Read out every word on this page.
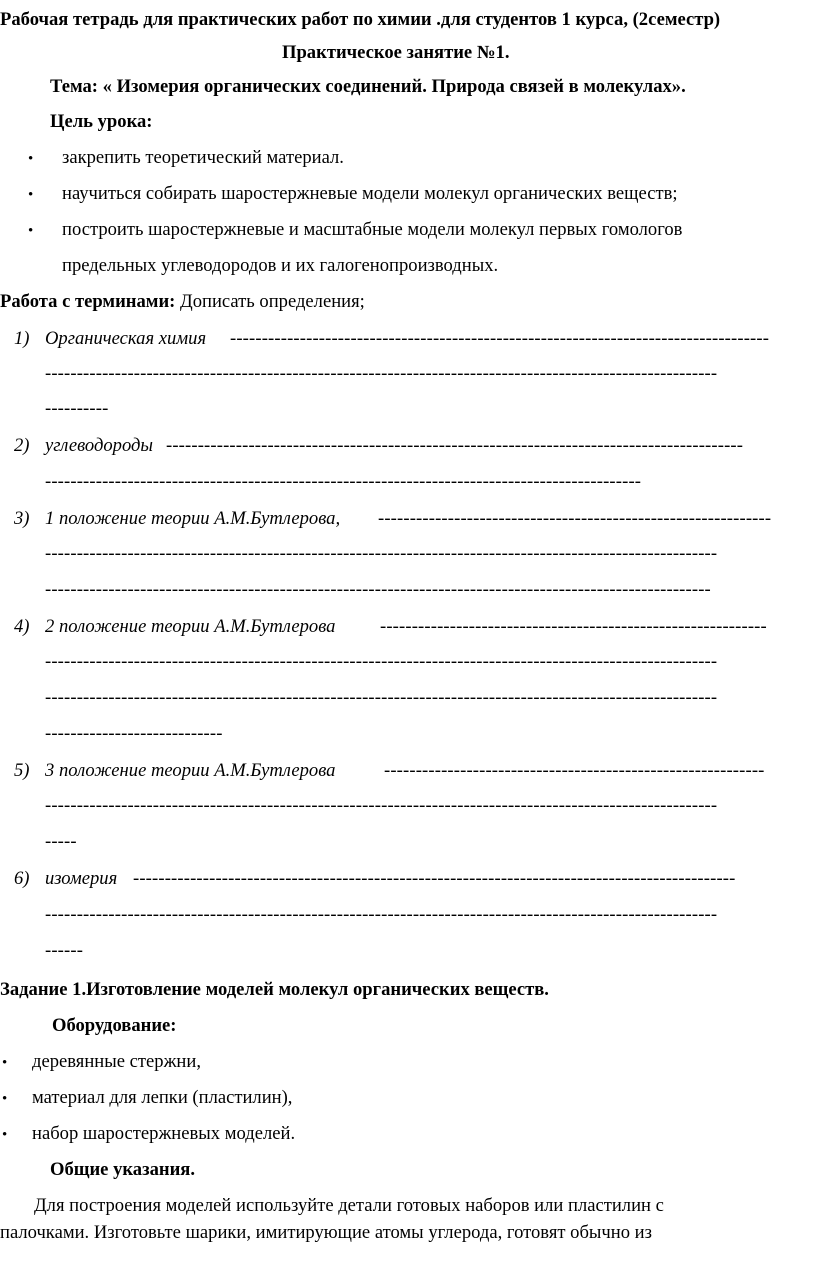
Рабочая тетрадь для практических работ по химии .для студентов 1 курса, (2семестр)
Практическое занятие №1.
Тема: « Изомерия органических соединений. Природа связей в молекулах».
Цель урока:
• закрепить теоретический материал.
• научиться собирать шаростержневые модели молекул органических веществ;
• построить шаростержневые и масштабные модели молекул первых гомологов
предельных углеводородов и их галогенопроизводных.
Работа с терминами: Дописать определения;
1) Органическая химия -------------------------------------------------------------------------------------
----------------------------------------------------------------------------------------------------------
----------
2) углеводороды -------------------------------------------------------------------------------------------
----------------------------------------------------------------------------------------------
3) 1 положение теории А.М.Бутлерова, --------------------------------------------------------------
----------------------------------------------------------------------------------------------------------
---------------------------------------------------------------------------------------------------------
4) 2 положение теории А.М.Бутлерова -------------------------------------------------------------
----------------------------------------------------------------------------------------------------------
----------------------------------------------------------------------------------------------------------
----------------------------
5) 3 положение теории А.М.Бутлерова	------------------------------------------------------------
----------------------------------------------------------------------------------------------------------
-----
6) изомерия -----------------------------------------------------------------------------------------------
----------------------------------------------------------------------------------------------------------
------
Задание 1.Изготовление моделей молекул органических веществ.
Оборудование:
• деревянные стержни,
• материал для лепки (пластилин),
• набор шаростержневых моделей.
Общие указания.
Для построения моделей используйте детали готовых наборов или пластилин с
палочками. Изготовьте шарики, имитирующие атомы углерода, готовят обычно из
